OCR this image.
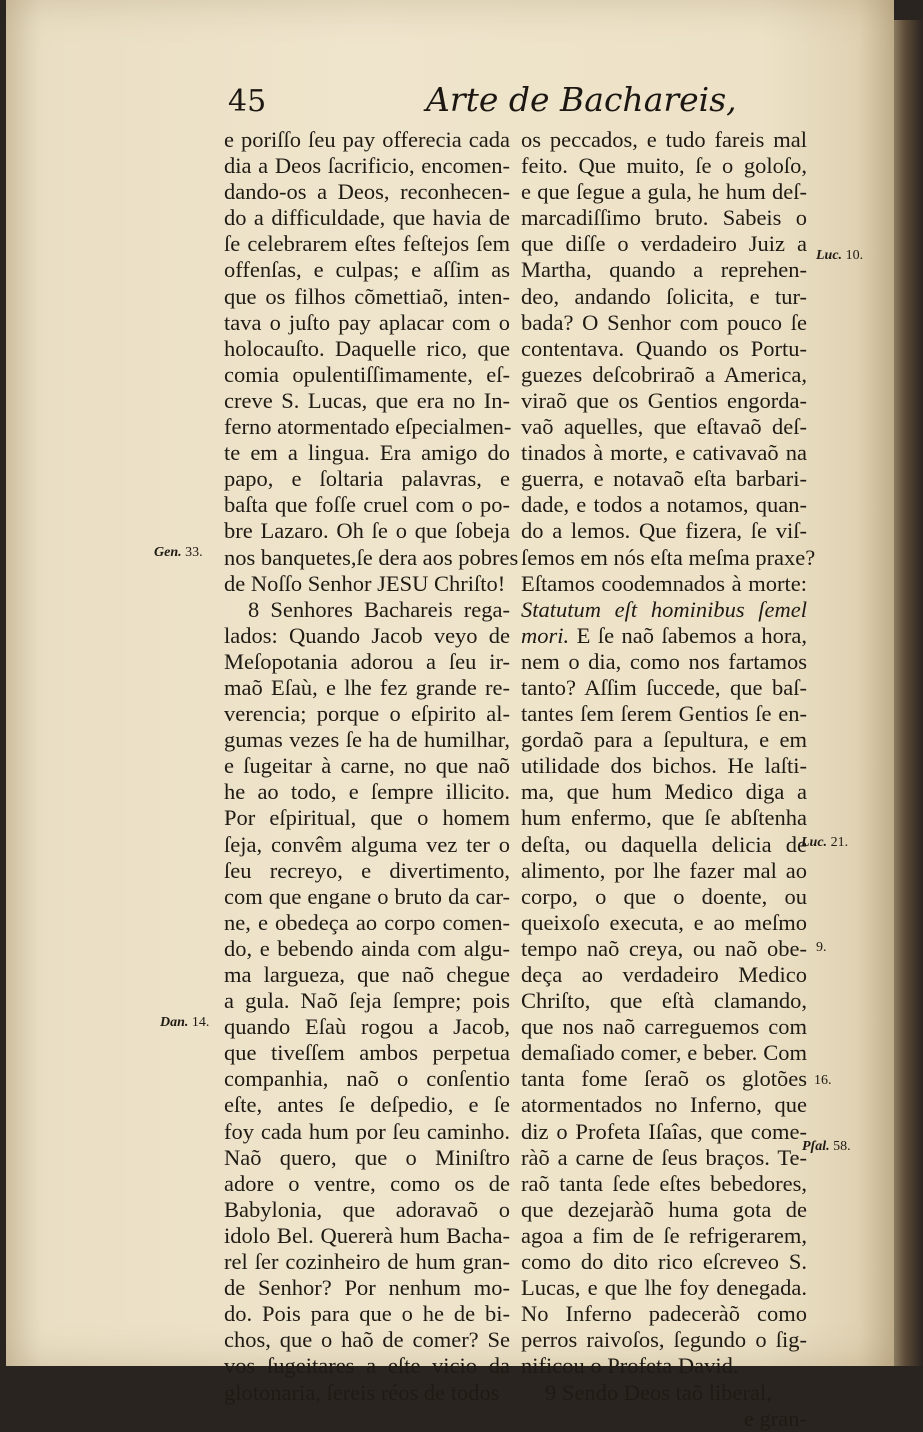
45	Arte de Bachareis,
e poriſſo ſeu pay offerecia cada
dia a Deos ſacrificio, encomen-
dando-os a Deos, reconhecen-
do a difficuldade, que havia de
ſe celebrarem eſtes feſtejos ſem
offenſas, e culpas; e aſſim as
que os filhos cõmettiaõ, inten-
tava o juſto pay aplacar com o
holocauſto. Daquelle rico, que
comia opulentiſſimamente, eſ-
creve S. Lucas, que era no In-
ferno atormentado eſpecialmen-
te em a lingua. Era amigo do
papo, e ſoltaria palavras, e
baſta que foſſe cruel com o po-
bre Lazaro. Oh ſe o que ſobeja
nos banquetes,ſe dera aos pobres
de Noſſo Senhor JESU Chriſto!
8 Senhores Bachareis rega-
lados: Quando Jacob veyo de
Meſopotania adorou a ſeu ir-
maõ Eſaù, e lhe fez grande re-
verencia; porque o eſpirito al-
gumas vezes ſe ha de humilhar,
e ſugeitar à carne, no que naõ
he ao todo, e ſempre illicito.
Por eſpiritual, que o homem
ſeja, convêm alguma vez ter o
ſeu recreyo, e divertimento,
com que engane o bruto da car-
ne, e obedeça ao corpo comen-
do, e bebendo ainda com algu-
ma largueza, que naõ chegue
a gula. Naõ ſeja ſempre; pois
quando Eſaù rogou a Jacob,
que tiveſſem ambos perpetua
companhia, naõ o conſentio
eſte, antes ſe deſpedio, e ſe
foy cada hum por ſeu caminho.
Naõ quero, que o Miniſtro
adore o ventre, como os de
Babylonia, que adoravaõ o
idolo Bel. Quererà hum Bacha-
rel ſer cozinheiro de hum gran-
de Senhor? Por nenhum mo-
do. Pois para que o he de bi-
chos, que o haõ de comer? Se
vos ſugeitares a eſte vicio da
glotonaria, ſereis réos de todos
os peccados, e tudo fareis mal
feito. Que muito, ſe o goloſo,
e que ſegue a gula, he hum deſ-
marcadiſſimo bruto. Sabeis o
que diſſe o verdadeiro Juiz a
Martha, quando a reprehen-
deo, andando ſolicita, e tur-
bada? O Senhor com pouco ſe
contentava. Quando os Portu-
guezes deſcobriraõ a America,
viraõ que os Gentios engorda-
vaõ aquelles, que eſtavaõ deſ-
tinados à morte, e cativavaõ na
guerra, e notavaõ eſta barbari-
dade, e todos a notamos, quan-
do a lemos. Que fizera, ſe viſ-
ſemos em nós eſta meſma praxe?
Eſtamos coodemnados à morte:
Statutum eſt hominibus ſemel
mori. E ſe naõ ſabemos a hora,
nem o dia, como nos fartamos
tanto? Aſſim ſuccede, que baſ-
tantes ſem ſerem Gentios ſe en-
gordaõ para a ſepultura, e em
utilidade dos bichos. He laſti-
ma, que hum Medico diga a
hum enfermo, que ſe abſtenha
deſta, ou daquella delicia de
alimento, por lhe fazer mal ao
corpo, o que o doente, ou
queixoſo executa, e ao meſmo
tempo naõ creya, ou naõ obe-
deça ao verdadeiro Medico
Chriſto, que eſtà clamando,
que nos naõ carreguemos com
demaſiado comer, e beber. Com
tanta fome ſeraõ os glotões
atormentados no Inferno, que
diz o Profeta Iſaîas, que come-
ràõ a carne de ſeus braços. Te-
raõ tanta ſede eſtes bebedores,
que dezejaràõ huma gota de
agoa a fim de ſe refrigerarem,
como do dito rico eſcreveo S.
Lucas, e que lhe foy denegada.
No Inferno padeceràõ como
perros raivoſos, ſegundo o ſig-
nificou o Profeta David.
9 Sendo Deos taõ liberal,
e gran-
Gen. 33.
Dan. 14.
Luc. 10.
Luc. 21.
9.
16.
Pſal. 58.
